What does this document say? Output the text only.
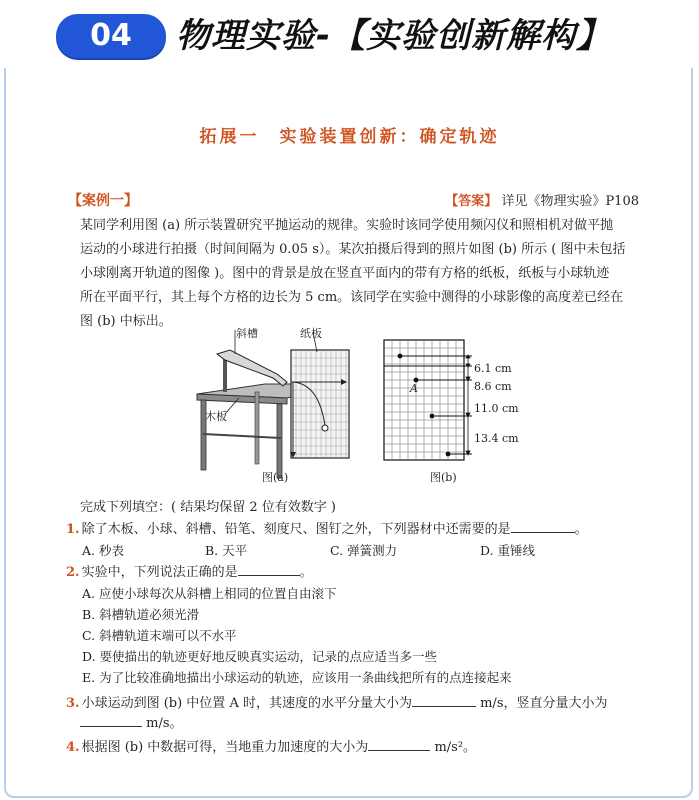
04	物理实验-【实验创新解构】
拓展一　实验装置创新：确定轨迹
【案例一】	【答案】 详见《物理实验》P108
某同学利用图 (a) 所示装置研究平抛运动的规律。实验时该同学使用频闪仪和照相机对做平抛
运动的小球进行拍摄（时间间隔为 0.05 s）。某次拍摄后得到的照片如图 (b) 所示 ( 图中未包括
小球刚离开轨道的图像 )。图中的背景是放在竖直平面内的带有方格的纸板，纸板与小球轨迹
所在平面平行，其上每个方格的边长为 5 cm。该同学在实验中测得的小球影像的高度差已经在
图 (b) 中标出。
斜槽	纸板
木板
图(a)
A
6.1 cm
8.6 cm
11.0 cm
13.4 cm
图(b)
完成下列填空：( 结果均保留 2 位有效数字 )
1. 除了木板、小球、斜槽、铅笔、刻度尺、图钉之外，下列器材中还需要的是	。
A. 秒表	B. 天平	C. 弹簧测力	D. 重锤线
2. 实验中，下列说法正确的是	。
A. 应使小球每次从斜槽上相同的位置自由滚下
B. 斜槽轨道必须光滑
C. 斜槽轨道末端可以不水平
D. 要使描出的轨迹更好地反映真实运动，记录的点应适当多一些
E. 为了比较准确地描出小球运动的轨迹，应该用一条曲线把所有的点连接起来
3. 小球运动到图 (b) 中位置 A 时，其速度的水平分量大小为	m/s，竖直分量大小为
m/s。
4. 根据图 (b) 中数据可得，当地重力加速度的大小为	m/s²。
